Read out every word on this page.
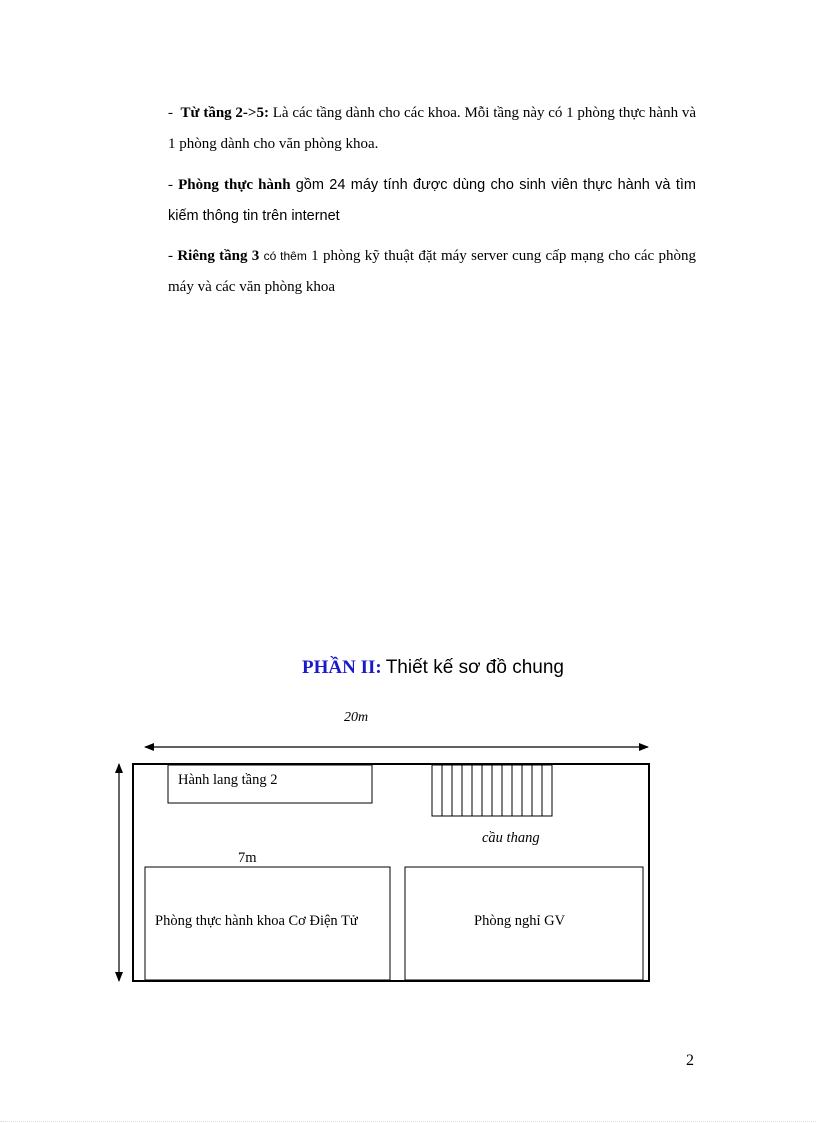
-  Từ tầng 2->5: Là các tầng dành cho các khoa. Mỗi tầng này có 1 phòng thực hành và 1 phòng dành cho văn phòng khoa.
- Phòng thực hành gồm 24 máy tính được dùng cho sinh viên thực hành và tìm kiếm thông tin trên internet
- Riêng tầng 3 có thêm 1 phòng kỹ thuật đặt máy server cung cấp mạng cho các phòng máy và các văn phòng khoa
PHẦN II: Thiết kế sơ đồ chung
20m
Hành lang tầng 2
cầu thang
7m
Phòng thực hành khoa Cơ Điện Tử	Phòng nghỉ GV
2
